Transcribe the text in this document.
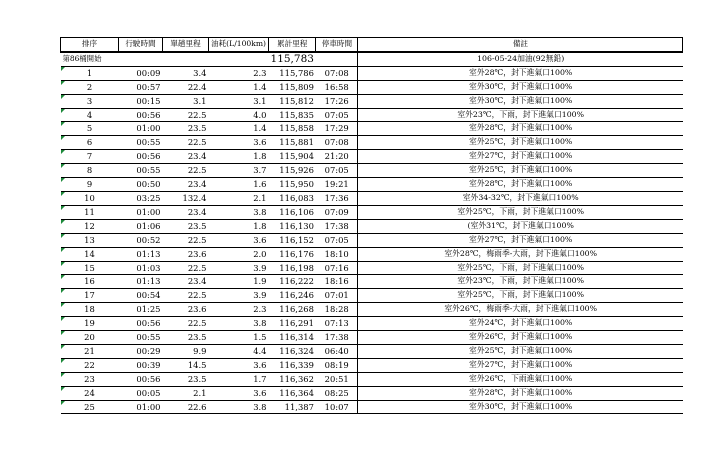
排序	行駛時間	單趟里程	油耗(L/100km)	累計里程	停車時間	備註
第86桶開始				115,783		106-05-24加油(92無鉛)
1	00:09	3.4	2.3	115,786	07:08	室外28℃，封下進氣口100%
2	00:57	22.4	1.4	115,809	16:58	室外30℃，封下進氣口100%
3	00:15	3.1	3.1	115,812	17:26	室外30℃，封下進氣口100%
4	00:56	22.5	4.0	115,835	07:05	室外23℃，下雨，封下進氣口100%
5	01:00	23.5	1.4	115,858	17:29	室外28℃，封下進氣口100%
6	00:55	22.5	3.6	115,881	07:08	室外25℃，封下進氣口100%
7	00:56	23.4	1.8	115,904	21:20	室外27℃，封下進氣口100%
8	00:55	22.5	3.7	115,926	07:05	室外25℃，封下進氣口100%
9	00:50	23.4	1.6	115,950	19:21	室外28℃，封下進氣口100%
10	03:25	132.4	2.1	116,083	17:36	室外34-32℃，封下進氣口100%
11	01:00	23.4	3.8	116,106	07:09	室外25℃，下雨，封下進氣口100%
12	01:06	23.5	1.8	116,130	17:38	(室外31℃，封下進氣口100%
13	00:52	22.5	3.6	116,152	07:05	室外27℃，封下進氣口100%
14	01:13	23.6	2.0	116,176	18:10	室外28℃，梅雨季-大雨，封下進氣口100%
15	01:03	22.5	3.9	116,198	07:16	室外25℃，下雨，封下進氣口100%
16	01:13	23.4	1.9	116,222	18:16	室外23℃，下雨，封下進氣口100%
17	00:54	22.5	3.9	116,246	07:01	室外25℃，下雨，封下進氣口100%
18	01:25	23.6	2.3	116,268	18:28	室外26℃，梅雨季-大雨，封下進氣口100%
19	00:56	22.5	3.8	116,291	07:13	室外24℃，封下進氣口100%
20	00:55	23.5	1.5	116,314	17:38	室外26℃，封下進氣口100%
21	00:29	9.9	4.4	116,324	06:40	室外25℃，封下進氣口100%
22	00:39	14.5	3.6	116,339	08:19	室外27℃，封下進氣口100%
23	00:56	23.5	1.7	116,362	20:51	室外26℃，下雨進氣口100%
24	00:05	2.1	3.6	116,364	08:25	室外28℃，封下進氣口100%
25	01:00	22.6	3.8	11,387	10:07	室外30℃，封下進氣口100%
